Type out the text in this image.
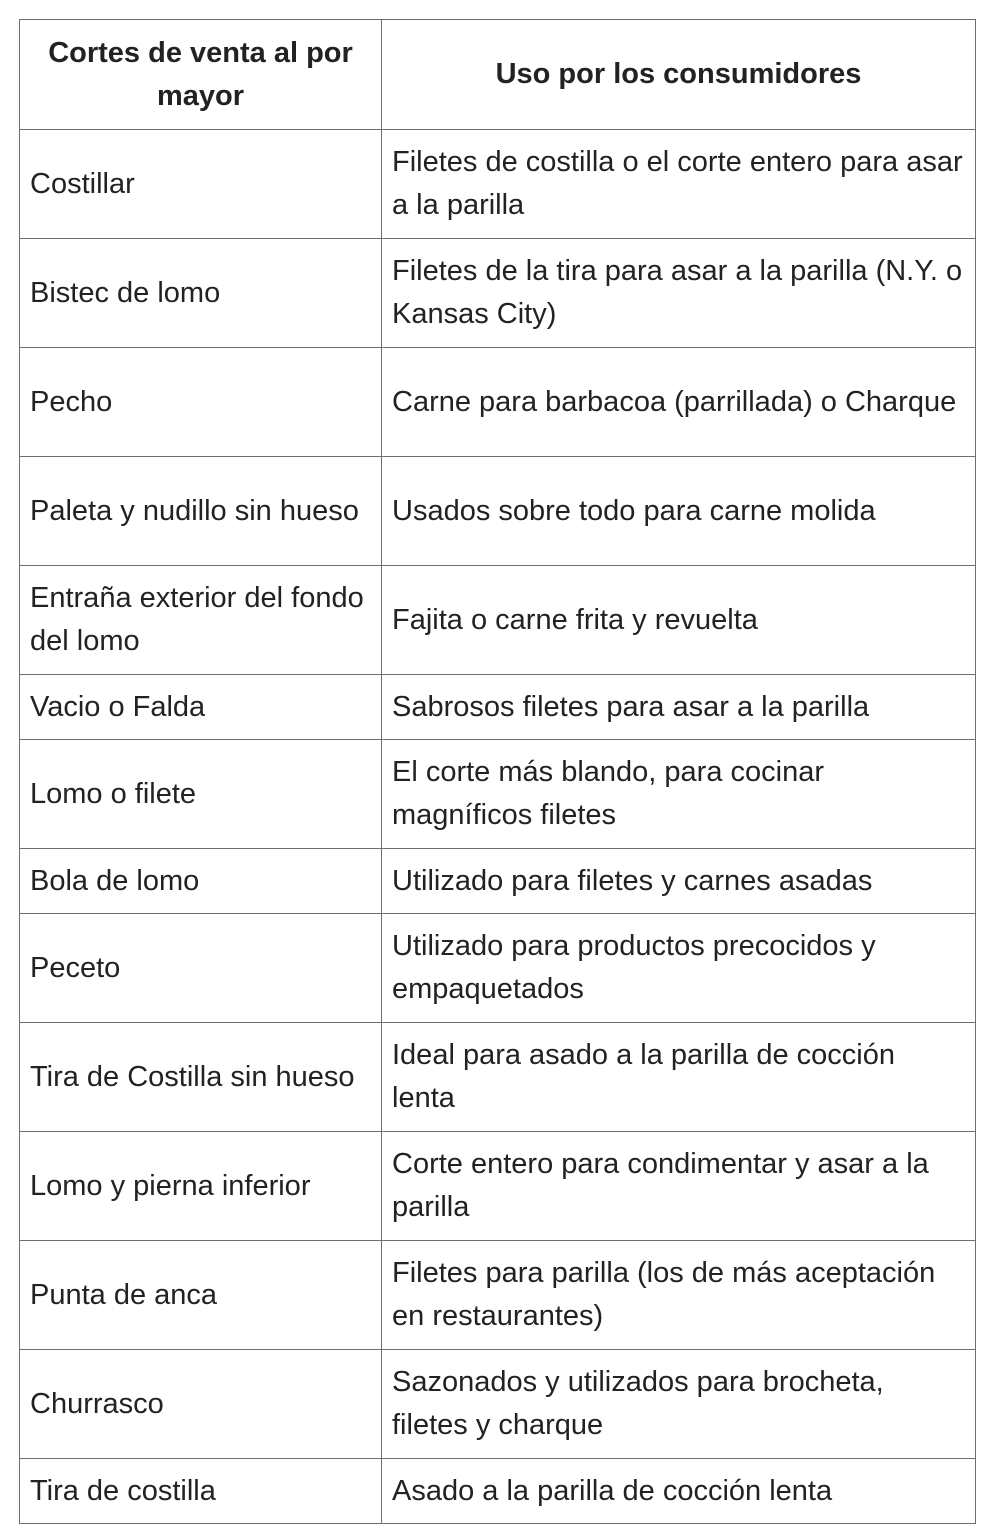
Cortes de venta al por mayor	Uso por los consumidores
Costillar	Filetes de costilla o el corte entero para asar a la parilla
Bistec de lomo	Filetes de la tira para asar a la parilla (N.Y. o Kansas City)
Pecho	Carne para barbacoa (parrillada) o Charque
Paleta y nudillo sin hueso	Usados sobre todo para carne molida
Entraña exterior del fondo del lomo	Fajita o carne frita y revuelta
Vacio o Falda	Sabrosos filetes para asar a la parilla
Lomo o filete	El corte más blando, para cocinar magníficos filetes
Bola de lomo	Utilizado para filetes y carnes asadas
Peceto	Utilizado para productos precocidos y empaquetados
Tira de Costilla sin hueso	Ideal para asado a la parilla de cocción lenta
Lomo y pierna inferior	Corte entero para condimentar y asar a la parilla
Punta de anca	Filetes para parilla (los de más aceptación en restaurantes)
Churrasco	Sazonados y utilizados para brocheta, filetes y charque
Tira de costilla	Asado a la parilla de cocción lenta
